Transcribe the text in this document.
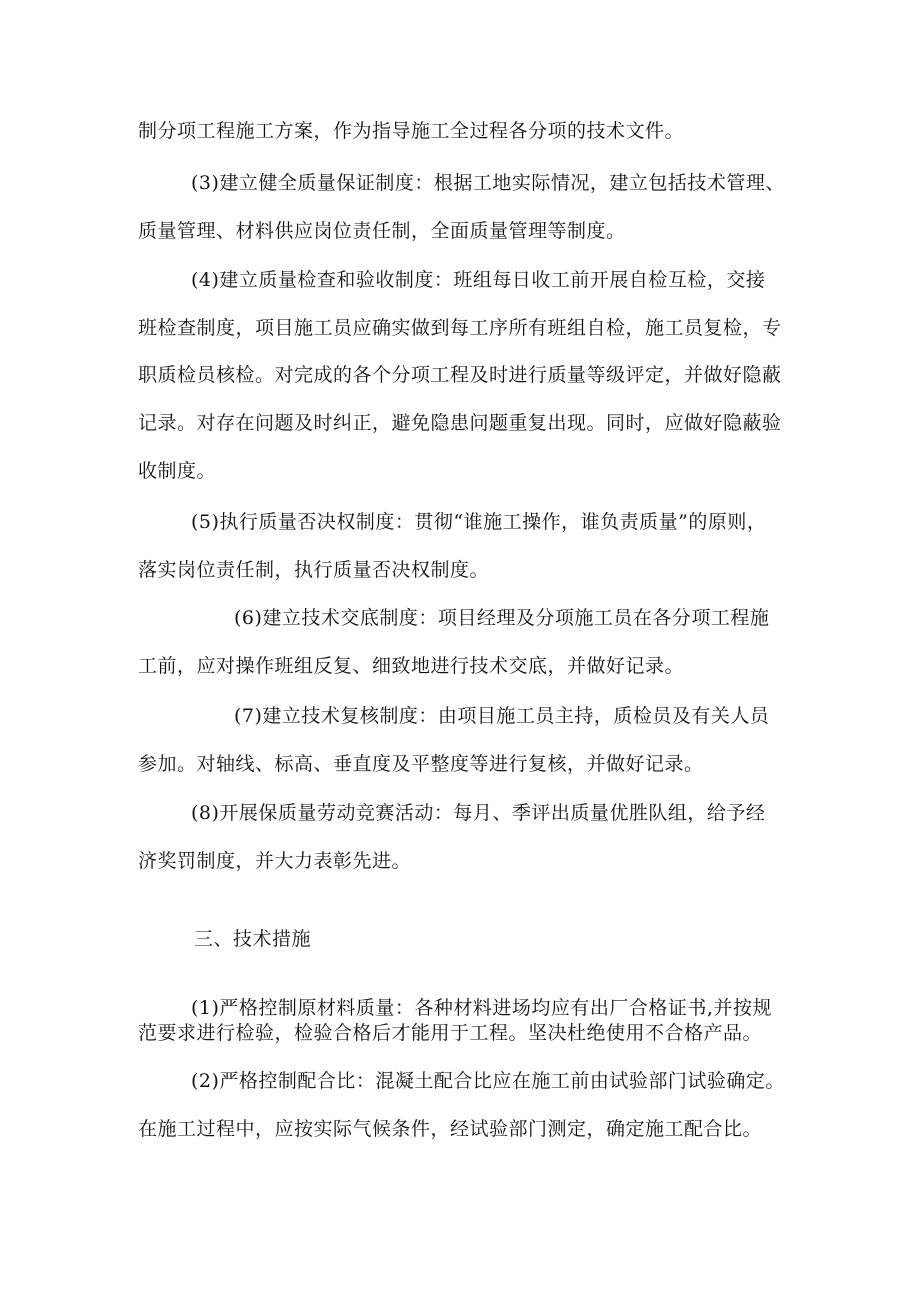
制分项工程施工方案，作为指导施工全过程各分项的技术文件。
(3)建立健全质量保证制度：根据工地实际情况，建立包括技术管理、
质量管理、材料供应岗位责任制，全面质量管理等制度。
(4)建立质量检查和验收制度：班组每日收工前开展自检互检，交接
班检查制度，项目施工员应确实做到每工序所有班组自检，施工员复检，专
职质检员核检。对完成的各个分项工程及时进行质量等级评定，并做好隐蔽
记录。对存在问题及时纠正，避免隐患问题重复出现。同时，应做好隐蔽验
收制度。
(5)执行质量否决权制度：贯彻“谁施工操作，谁负责质量”的原则，
落实岗位责任制，执行质量否决权制度。
(6)建立技术交底制度：项目经理及分项施工员在各分项工程施
工前，应对操作班组反复、细致地进行技术交底，并做好记录。
(7)建立技术复核制度：由项目施工员主持，质检员及有关人员
参加。对轴线、标高、垂直度及平整度等进行复核，并做好记录。
(8)开展保质量劳动竞赛活动：每月、季评出质量优胜队组，给予经
济奖罚制度，并大力表彰先进。
三、技术措施
(1)严格控制原材料质量：各种材料进场均应有出厂合格证书,并按规
范要求进行检验，检验合格后才能用于工程。坚决杜绝使用不合格产品。
(2)严格控制配合比：混凝土配合比应在施工前由试验部门试验确定。
在施工过程中，应按实际气候条件，经试验部门测定，确定施工配合比。
